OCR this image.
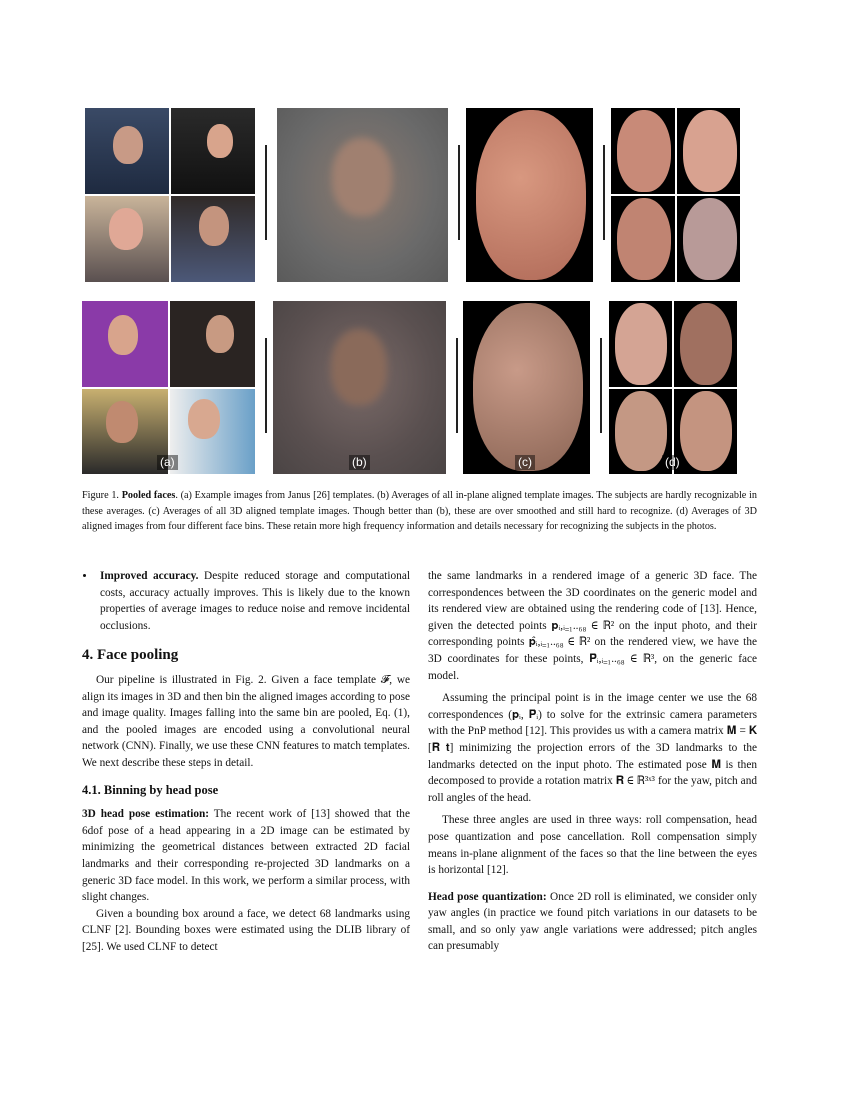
(a)	(b)	(c)	(d)
Figure 1. Pooled faces. (a) Example images from Janus [26] templates. (b) Averages of all in-plane aligned template images. The subjects are hardly recognizable in these averages. (c) Averages of all 3D aligned template images. Though better than (b), these are over smoothed and still hard to recognize. (d) Averages of 3D aligned images from four different face bins. These retain more high frequency information and details necessary for recognizing the subjects in the photos.
• Improved accuracy. Despite reduced storage and computational costs, accuracy actually improves. This is likely due to the known properties of average images to reduce noise and remove incidental occlusions.
4. Face pooling

Our pipeline is illustrated in Fig. 2. Given a face template 𝓕, we align its images in 3D and then bin the aligned images according to pose and image quality. Images falling into the same bin are pooled, Eq. (1), and the pooled images are encoded using a convolutional neural network (CNN). Finally, we use these CNN features to match templates. We next describe these steps in detail.

4.1. Binning by head pose

3D head pose estimation: The recent work of [13] showed that the 6dof pose of a head appearing in a 2D image can be estimated by minimizing the geometrical distances between extracted 2D facial landmarks and their corresponding re-projected 3D landmarks on a generic 3D face model. In this work, we perform a similar process, with slight changes.

Given a bounding box around a face, we detect 68 landmarks using CLNF [2]. Bounding boxes were estimated using the DLIB library of [25]. We used CLNF to detect

the same landmarks in a rendered image of a generic 3D face. The correspondences between the 3D coordinates on the generic model and its rendered view are obtained using the rendering code of [13]. Hence, given the detected points 𝐩ᵢ,ᵢ₌₁..₆₈ ∈ ℝ² on the input photo, and their corresponding points 𝐩̂ᵢ,ᵢ₌₁..₆₈ ∈ ℝ² on the rendered view, we have the 3D coordinates for these points, 𝐏̂ᵢ,ᵢ₌₁..₆₈ ∈ ℝ³, on the generic face model.

Assuming the principal point is in the image center we use the 68 correspondences (𝐩ᵢ, 𝐏̂ᵢ) to solve for the extrinsic camera parameters with the PnP method [12]. This provides us with a camera matrix 𝐌 = 𝐊 [𝐑 𝐭] minimizing the projection errors of the 3D landmarks to the landmarks detected on the input photo. The estimated pose 𝐌 is then decomposed to provide a rotation matrix 𝐑 ∈ ℝ³ˣ³ for the yaw, pitch and roll angles of the head.

These three angles are used in three ways: roll compensation, head pose quantization and pose cancellation. Roll compensation simply means in-plane alignment of the faces so that the line between the eyes is horizontal [12].

Head pose quantization: Once 2D roll is eliminated, we consider only yaw angles (in practice we found pitch variations in our datasets to be small, and so only yaw angle variations were addressed; pitch angles can presumably
